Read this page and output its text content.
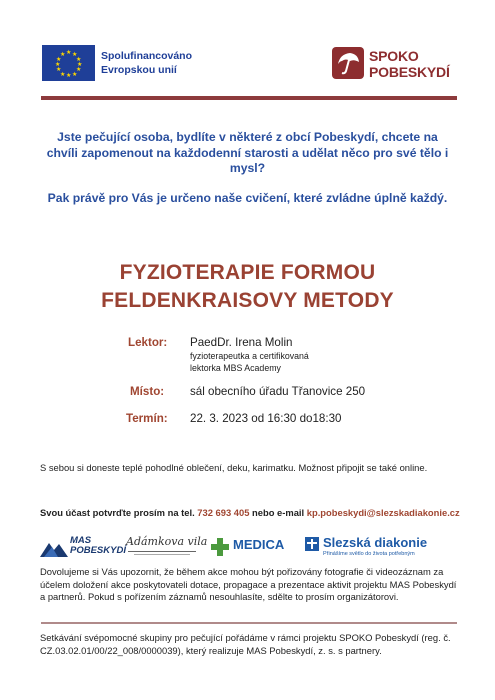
★ ★
★
★
★
★
★
★
★
★
★
★	Spolufinancováno
Evropskou unií
SPOKO
POBESKYDÍ

Jste pečující osoba, bydlíte v některé z obcí Pobeskydí, chcete na chvíli zapomenout na každodenní starosti a udělat něco pro své tělo i mysl?

Pak právě pro Vás je určeno naše cvičení, které zvládne úplně každý.

FYZIOTERAPIE FORMOU
FELDENKRAISOVY METODY
Lektor: PaedDr. Irena Molin
fyzioterapeutka a certifikovaná
lektorka MBS Academy
Místo: sál obecního úřadu Třanovice 250
Termín: 22. 3. 2023 od 16:30 do18:30
S sebou si doneste teplé pohodlné oblečení, deku, karimatku. Možnost připojit se také online.
Svou účast potvrďte prosím na tel. 732 693 405 nebo e-mail kp.pobeskydi@slezskadiakonie.cz
MAS
POBESKYDÍ
Adámkova vila MEDICA	Slezská diakonie
Přinášíme světlo do života potřebným
Dovolujeme si Vás upozornit, že během akce mohou být pořizovány fotografie či videozáznam za účelem doložení akce poskytovateli dotace, propagace a prezentace aktivit projektu MAS Pobeskydí a partnerů. Pokud s pořízením záznamů nesouhlasíte, sdělte to prosím organizátorovi.
Setkávání svépomocné skupiny pro pečující pořádáme v rámci projektu SPOKO Pobeskydí (reg. č. CZ.03.02.01/00/22_008/0000039), který realizuje MAS Pobeskydí, z. s. s partnery.
